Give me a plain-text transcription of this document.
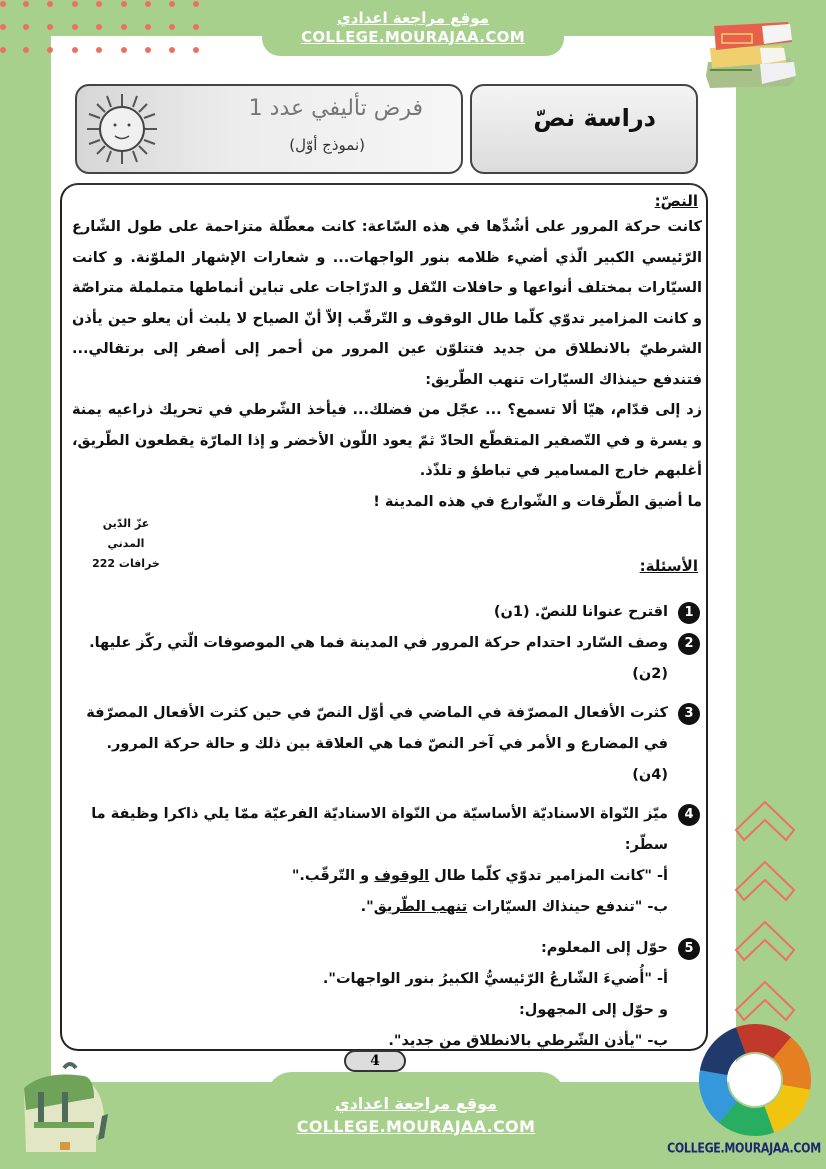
موقع مراجعة اعدادي
COLLEGE.MOURAJAA.COM
دراسة نصّ
فرض تأليفي عدد 1
(نموذج أوّل)
النصّ:

كانت حركة المرور على أشُدِّها في هذه السّاعة: كانت معطّلة متزاحمة على طول الشّارع الرّئيسي الكبير الّذي أضيء ظلامه بنور الواجهات... و شعارات الإشهار الملوّنة. و كانت السيّارات بمختلف أنواعها و حافلات النّقل و الدرّاجات على تباين أنماطها متململة متراصّة و كانت المزامير تدوّي كلّما طال الوقوف و التّرقّب إلاّ أنّ الصياح لا يلبث أن يعلو حين يأذن الشرطيّ بالانطلاق من جديد فتتلوّن عين المرور من أحمر إلى أصفر إلى برتقالي... فتندفع حينذاك السيّارات تنهب الطّريق:

زد إلى قدّام، هيّا ألا تسمع؟ ... عجّل من فضلك... فيأخذ الشّرطي في تحريك ذراعيه يمنة و يسرة و في التّصفير المتقطّع الحادّ ثمّ يعود اللّون الأخضر و إذا المارّة يقطعون الطّريق، أغلبهم خارج المسامير في تباطؤ و تلذّذ.

ما أضيق الطّرقات و الشّوارع في هذه المدينة !

الأسئلة:
1
اقترح عنوانا للنصّ. (1ن)
2
وصف السّارد احتدام حركة المرور في المدينة فما هي الموصوفات الّتي ركّز عليها. (2ن)
3
كثرت الأفعال المصرّفة في الماضي في أوّل النصّ في حين كثرت الأفعال المصرّفة في المضارع و الأمر في آخر النصّ فما هي العلاقة بين ذلك و حالة حركة المرور. (4ن)
4
ميّز النّواة الاسناديّة الأساسيّة من النّواة الاسناديّة الفرعيّة ممّا يلي ذاكرا وظيفة ما سطّر:
أ- "كانت المزامير تدوّي كلّما طال الوقوف و التّرقّب."
ب- "تندفع حينذاك السيّارات تنهب الطّريق".
5
حوّل إلى المعلوم:
أ- "أُضيءَ الشّارعُ الرّئيسيُّ الكبيرُ بنور الواجهات".
و حوّل إلى المجهول:
ب- "يأذن الشّرطي بالانطلاق من جديد".
عزّ الدّين المدني
خرافات 222
4
COLLEGE.MOURAJAA.COM
موقع مراجعة اعدادي
COLLEGE.MOURAJAA.COM
